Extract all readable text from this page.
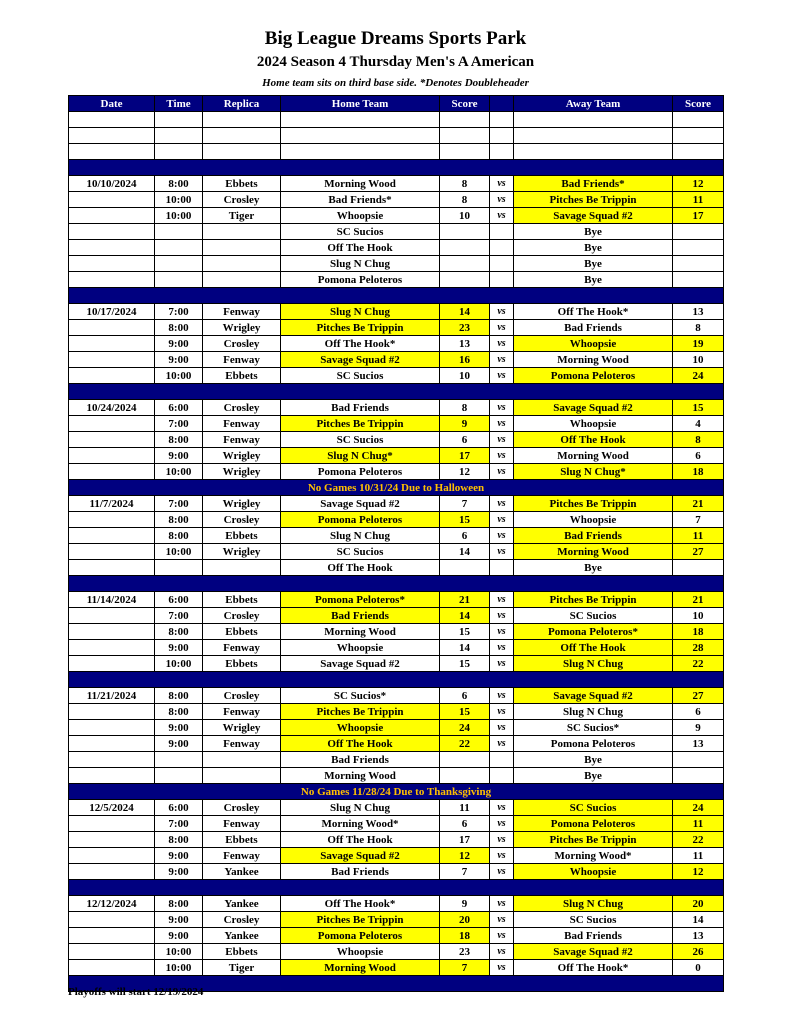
Big League Dreams Sports Park
2024 Season 4 Thursday Men's A American
Home team sits on third base side. *Denotes Doubleheader
Date	Time	Replica	Home Team	Score		Away Team	Score

10/10/2024	8:00	Ebbets	Morning Wood	8	vs	Bad Friends*	12
	10:00	Crosley	Bad Friends*	8	vs	Pitches Be Trippin	11
	10:00	Tiger	Whoopsie	10	vs	Savage Squad #2	17
			SC Sucios			Bye	
			Off The Hook			Bye	
			Slug N Chug			Bye	
			Pomona Peloteros			Bye	

10/17/2024	7:00	Fenway	Slug N Chug	14	vs	Off The Hook*	13
	8:00	Wrigley	Pitches Be Trippin	23	vs	Bad Friends	8
	9:00	Crosley	Off The Hook*	13	vs	Whoopsie	19
	9:00	Fenway	Savage Squad #2	16	vs	Morning Wood	10
	10:00	Ebbets	SC Sucios	10	vs	Pomona Peloteros	24

10/24/2024	6:00	Crosley	Bad Friends	8	vs	Savage Squad #2	15
	7:00	Fenway	Pitches Be Trippin	9	vs	Whoopsie	4
	8:00	Fenway	SC Sucios	6	vs	Off The Hook	8
	9:00	Wrigley	Slug N Chug*	17	vs	Morning Wood	6
	10:00	Wrigley	Pomona Peloteros	12	vs	Slug N Chug*	18
No Games 10/31/24 Due to Halloween							
11/7/2024	7:00	Wrigley	Savage Squad #2	7	vs	Pitches Be Trippin	21
	8:00	Crosley	Pomona Peloteros	15	vs	Whoopsie	7
	8:00	Ebbets	Slug N Chug	6	vs	Bad Friends	11
	10:00	Wrigley	SC Sucios	14	vs	Morning Wood	27
			Off The Hook			Bye	

11/14/2024	6:00	Ebbets	Pomona Peloteros*	21	vs	Pitches Be Trippin	21
	7:00	Crosley	Bad Friends	14	vs	SC Sucios	10
	8:00	Ebbets	Morning Wood	15	vs	Pomona Peloteros*	18
	9:00	Fenway	Whoopsie	14	vs	Off The Hook	28
	10:00	Ebbets	Savage Squad #2	15	vs	Slug N Chug	22

11/21/2024	8:00	Crosley	SC Sucios*	6	vs	Savage Squad #2	27
	8:00	Fenway	Pitches Be Trippin	15	vs	Slug N Chug	6
	9:00	Wrigley	Whoopsie	24	vs	SC Sucios*	9
	9:00	Fenway	Off The Hook	22	vs	Pomona Peloteros	13
			Bad Friends			Bye	
			Morning Wood			Bye	
No Games 11/28/24 Due to Thanksgiving							
12/5/2024	6:00	Crosley	Slug N Chug	11	vs	SC Sucios	24
	7:00	Fenway	Morning Wood*	6	vs	Pomona Peloteros	11
	8:00	Ebbets	Off The Hook	17	vs	Pitches Be Trippin	22
	9:00	Fenway	Savage Squad #2	12	vs	Morning Wood*	11
	9:00	Yankee	Bad Friends	7	vs	Whoopsie	12

12/12/2024	8:00	Yankee	Off The Hook*	9	vs	Slug N Chug	20
	9:00	Crosley	Pitches Be Trippin	20	vs	SC Sucios	14
	9:00	Yankee	Pomona Peloteros	18	vs	Bad Friends	13
	10:00	Ebbets	Whoopsie	23	vs	Savage Squad #2	26
	10:00	Tiger	Morning Wood	7	vs	Off The Hook*	0

Playoffs will start 12/19/2024
